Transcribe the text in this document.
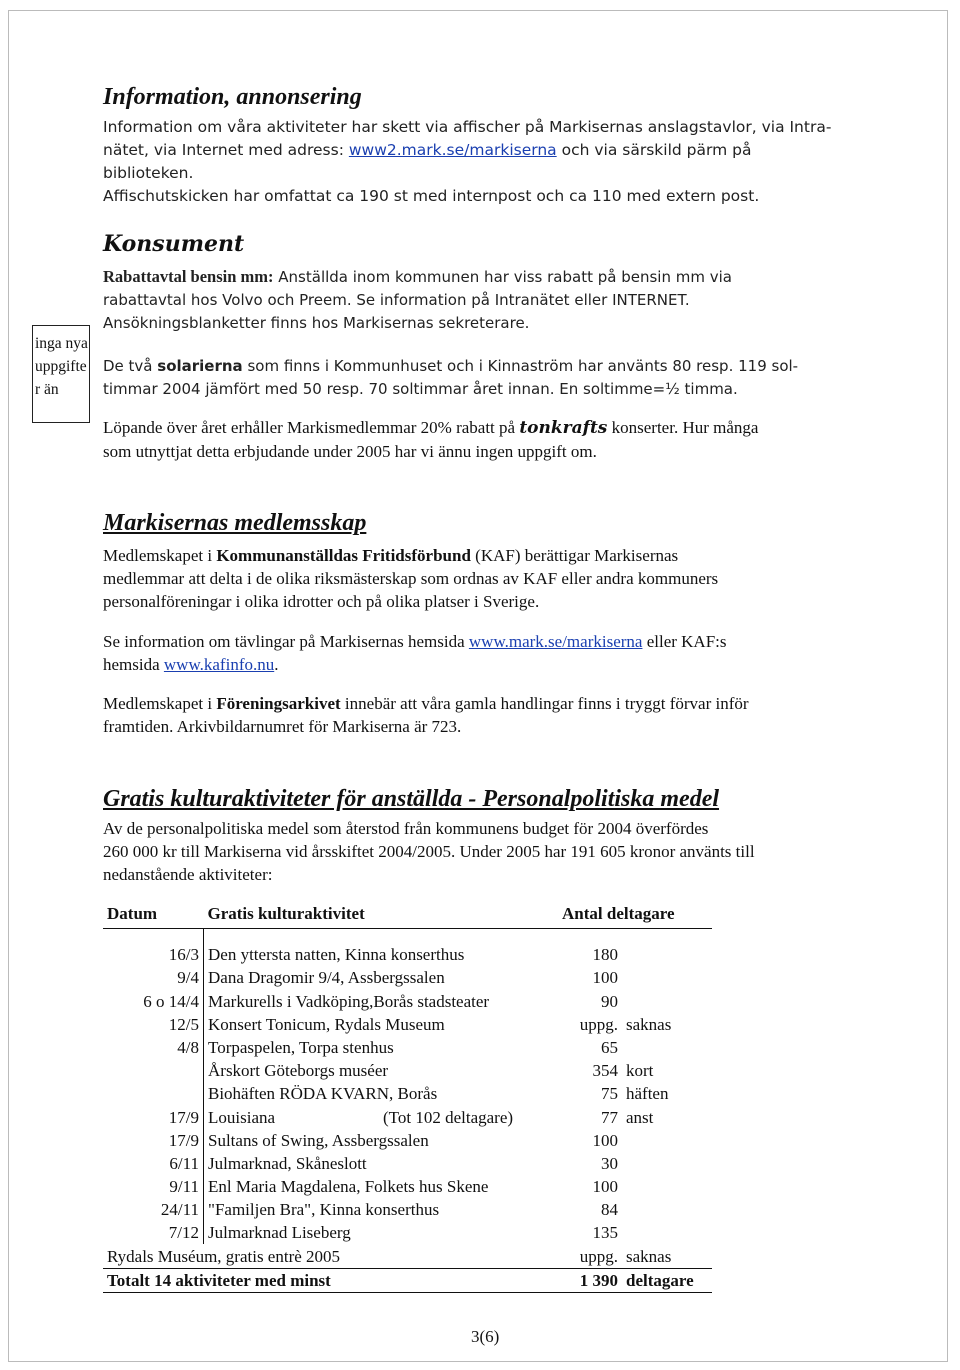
Information, annonsering

Information om våra aktiviteter har skett via affischer på Markisernas anslagstavlor, via Intra-

nätet, via Internet med adress: www2.mark.se/markiserna och via särskild pärm på biblioteken.

Affischutskicken har omfattat ca 190 st med internpost och ca 110 med extern post.

inga nya
uppgifte
r än
Konsument

Rabattavtal bensin mm: Anställda inom kommunen har viss rabatt på bensin mm via

rabattavtal hos Volvo och Preem. Se information på Intranätet eller INTERNET.

Ansökningsblanketter finns hos Markisernas sekreterare.

De två solarierna som finns i Kommunhuset och i Kinnaström har använts 80 resp. 119 sol-

timmar 2004 jämfört med 50 resp. 70 soltimmar året innan. En soltimme=½ timma.

Löpande över året erhåller Markismedlemmar 20% rabatt på tonkrafts konserter. Hur många

som utnyttjat detta erbjudande under 2005 har vi ännu ingen uppgift om.

Markisernas medlemsskap

Medlemskapet i Kommunanställdas Fritidsförbund (KAF) berättigar Markisernas

medlemmar att delta i de olika riksmästerskap som ordnas av KAF eller andra kommuners

personalföreningar i olika idrotter och på olika platser i Sverige.

Se information om tävlingar på Markisernas hemsida www.mark.se/markiserna eller KAF:s

hemsida www.kafinfo.nu.

Medlemskapet i Föreningsarkivet innebär att våra gamla handlingar finns i tryggt förvar inför

framtiden. Arkivbildarnumret för Markiserna är 723.

Gratis kulturaktiviteter för anställda - Personalpolitiska medel

Av de personalpolitiska medel som återstod från kommunens budget för 2004 överfördes

260 000 kr till Markiserna vid årsskiftet 2004/2005. Under 2005 har 191 605 kronor använts till

nedanstående aktiviteter:

Datum	Gratis kulturaktivitet	Antal deltagare	

16/3	Den yttersta natten, Kinna konserthus	180	
9/4	Dana Dragomir 9/4, Assbergssalen	100	
6 o 14/4	Markurells i Vadköping,Borås stadsteater	90	
12/5	Konsert Tonicum, Rydals Museum	uppg.	saknas
4/8	Torpaspelen, Torpa stenhus	65	
	Årskort Göteborgs muséer	354	kort
	Biohäften RÖDA KVARN, Borås	75	häften
17/9	Louisiana (Tot 102 deltagare)	77	anst
17/9	Sultans of Swing, Assbergssalen	100	
6/11	Julmarknad, Skåneslott	30	
9/11	Enl Maria Magdalena, Folkets hus Skene	100	
24/11	"Familjen Bra", Kinna konserthus	84	
7/12	Julmarknad Liseberg	135	
Rydals Muséum, gratis entrè 2005		uppg.	saknas
Totalt 14 aktiviteter med minst		1 390	deltagare
3(6)
